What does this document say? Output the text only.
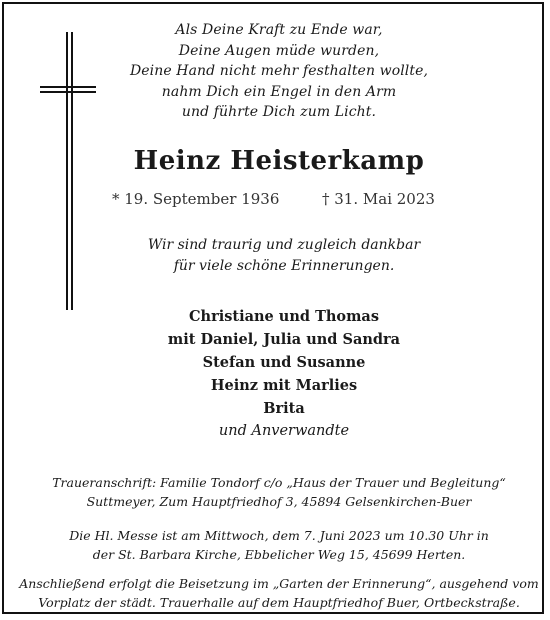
Als Deine Kraft zu Ende war,
Deine Augen müde wurden,
Deine Hand nicht mehr festhalten wollte,
nahm Dich ein Engel in den Arm
und führte Dich zum Licht.
Heinz Heisterkamp
* 19. September 1936	† 31. Mai 2023
Wir sind traurig und zugleich dankbar
für viele schöne Erinnerungen.
Christiane und Thomas
mit Daniel, Julia und Sandra
Stefan und Susanne
Heinz mit Marlies
Brita
und Anverwandte
Traueranschrift: Familie Tondorf c/o „Haus der Trauer und Begleitung“
Suttmeyer, Zum Hauptfriedhof 3, 45894 Gelsenkirchen-Buer
Die Hl. Messe ist am Mittwoch, dem 7. Juni 2023 um 10.30 Uhr in
der St. Barbara Kirche, Ebbelicher Weg 15, 45699 Herten.
Anschließend erfolgt die Beisetzung im „Garten der Erinnerung“, ausgehend vom
Vorplatz der städt. Trauerhalle auf dem Hauptfriedhof Buer, Ortbeckstraße.
